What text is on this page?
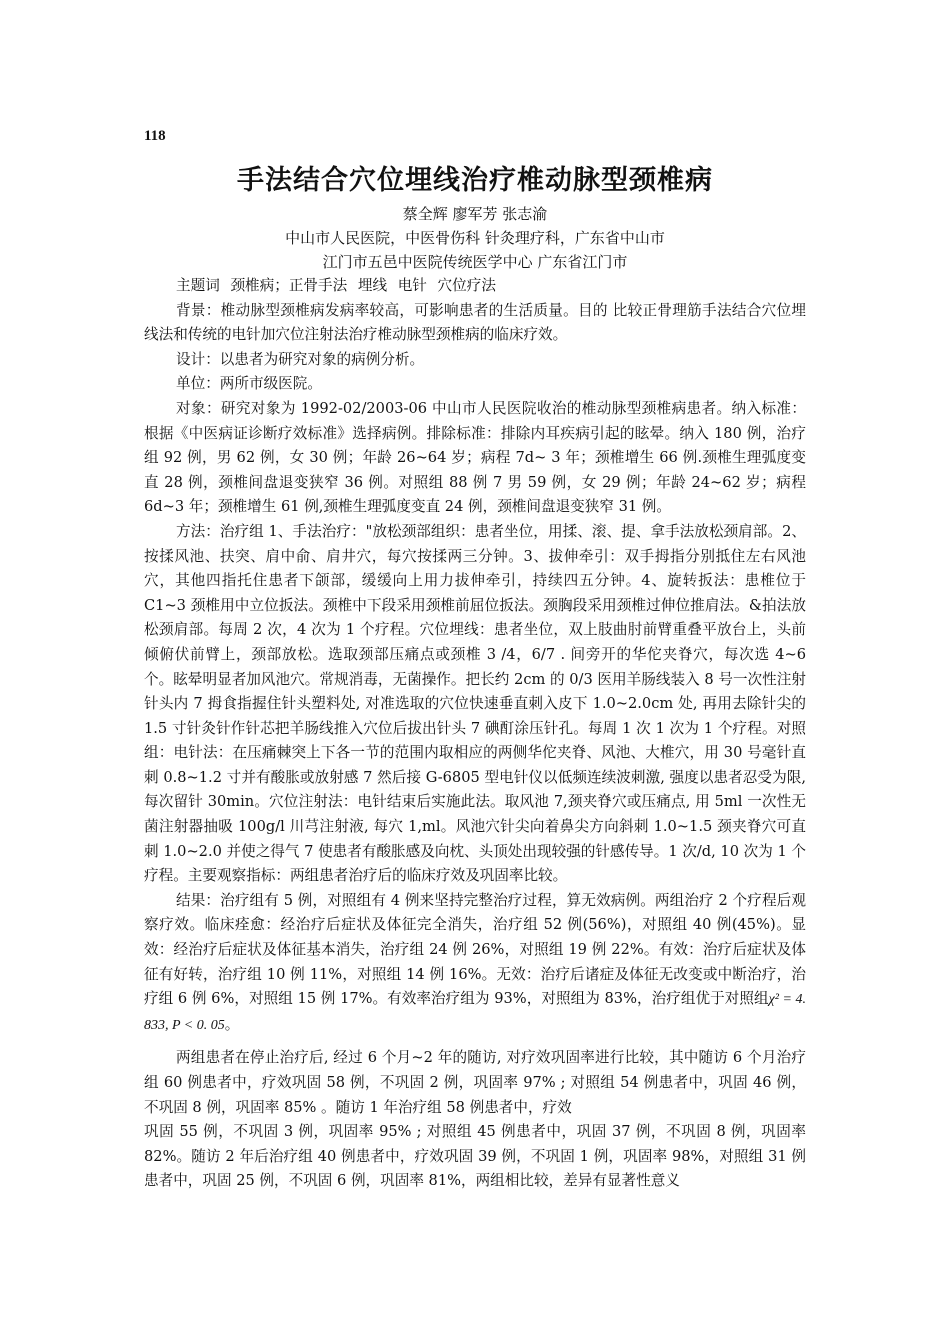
118
手法结合穴位埋线治疗椎动脉型颈椎病
蔡全辉 廖军芳 张志渝
中山市人民医院，中医骨伤科 针灸理疗科，广东省中山市
江门市五邑中医院传统医学中心 广东省江门市

主题词 颈椎病；正骨手法 埋线 电针 穴位疗法

背景：椎动脉型颈椎病发病率较高，可影响患者的生活质量。目的 比较正骨理筋手法结合穴位埋线法和传统的电针加穴位注射法治疗椎动脉型颈椎病的临床疗效。

设计：以患者为研究对象的病例分析。

单位：两所市级医院。

对象：研究对象为 1992-02/2003-06 中山市人民医院收治的椎动脉型颈椎病患者。纳入标准：根据《中医病证诊断疗效标准》选择病例。排除标准：排除内耳疾病引起的眩晕。纳入 180 例，治疗组 92 例，男 62 例，女 30 例；年龄 26~64 岁；病程 7d~ 3 年；颈椎增生 66 例.颈椎生理弧度变直 28 例，颈椎间盘退变狭窄 36 例。对照组 88 例 7 男 59 例，女 29 例；年龄 24~62 岁；病程 6d~3 年；颈椎增生 61 例,颈椎生理弧度变直 24 例，颈椎间盘退变狭窄 31 例。

方法：治疗组 1、手法治疗："放松颈部组织：患者坐位，用揉、滚、提、拿手法放松颈肩部。2、按揉风池、扶突、肩中俞、肩井穴，每穴按揉两三分钟。3、拔伸牵引：双手拇指分别抵住左右风池穴，其他四指托住患者下颌部，缓缓向上用力拔伸牵引，持续四五分钟。4、旋转扳法：患椎位于 C1~3 颈椎用中立位扳法。颈椎中下段采用颈椎前屈位扳法。颈胸段采用颈椎过伸位推肩法。&拍法放松颈肩部。每周 2 次，4 次为 1 个疗程。穴位埋线：患者坐位，双上肢曲肘前臂重叠平放台上，头前倾俯伏前臂上，颈部放松。选取颈部压痛点或颈椎 3 /4，6/7 . 间旁开的华佗夹脊穴，每次选 4~6 个。眩晕明显者加风池穴。常规消毒，无菌操作。把长约 2cm 的 0/3 医用羊肠线装入 8 号一次性注射针头内 7 拇食指握住针头塑料处, 对准选取的穴位快速垂直刺入皮下 1.0~2.0cm 处, 再用去除针尖的 1.5 寸针灸针作针芯把羊肠线推入穴位后拔出针头 7 碘酊涂压针孔。每周 1 次 1 次为 1 个疗程。对照组：电针法：在压痛棘突上下各一节的范围内取相应的两侧华佗夹脊、风池、大椎穴，用 30 号毫针直刺 0.8~1.2 寸并有酸胀或放射感 7 然后接 G-6805 型电针仪以低频连续波刺激, 强度以患者忍受为限, 每次留针 30min。穴位注射法：电针结束后实施此法。取风池 7,颈夹脊穴或压痛点, 用 5ml 一次性无菌注射器抽吸 100g/l 川芎注射液, 每穴 1,ml。风池穴针尖向着鼻尖方向斜刺 1.0~1.5 颈夹脊穴可直刺 1.0~2.0 并使之得气 7 使患者有酸胀感及向枕、头顶处出现较强的针感传导。1 次/d, 10 次为 1 个疗程。主要观察指标：两组患者治疗后的临床疗效及巩固率比较。

结果：治疗组有 5 例，对照组有 4 例来坚持完整治疗过程，算无效病例。两组治疗 2 个疗程后观察疗效。临床痊愈：经治疗后症状及体征完全消失，治疗组 52 例(56%)，对照组 40 例(45%)。显效：经治疗后症状及体征基本消失，治疗组 24 例 26%，对照组 19 例 22%。有效：治疗后症状及体征有好转，治疗组 10 例 11%，对照组 14 例 16%。无效：治疗后诸症及体征无改变或中断治疗，治疗组 6 例 6%，对照组 15 例 17%。有效率治疗组为 93%，对照组为 83%，治疗组优于对照组χ² = 4. 833, P < 0. 05。

两组患者在停止治疗后, 经过 6 个月~2 年的随访, 对疗效巩固率进行比较，其中随访 6 个月治疗组 60 例患者中，疗效巩固 58 例，不巩固 2 例，巩固率 97% ; 对照组 54 例患者中，巩固 46 例，不巩固 8 例，巩固率 85% 。随访 1 年治疗组 58 例患者中，疗效

巩固 55 例，不巩固 3 例，巩固率 95% ; 对照组 45 例患者中，巩固 37 例，不巩固 8 例，巩固率 82%。随访 2 年后治疗组 40 例患者中，疗效巩固 39 例，不巩固 1 例，巩固率 98%，对照组 31 例患者中，巩固 25 例，不巩固 6 例，巩固率 81%，两组相比较，差异有显著性意义
